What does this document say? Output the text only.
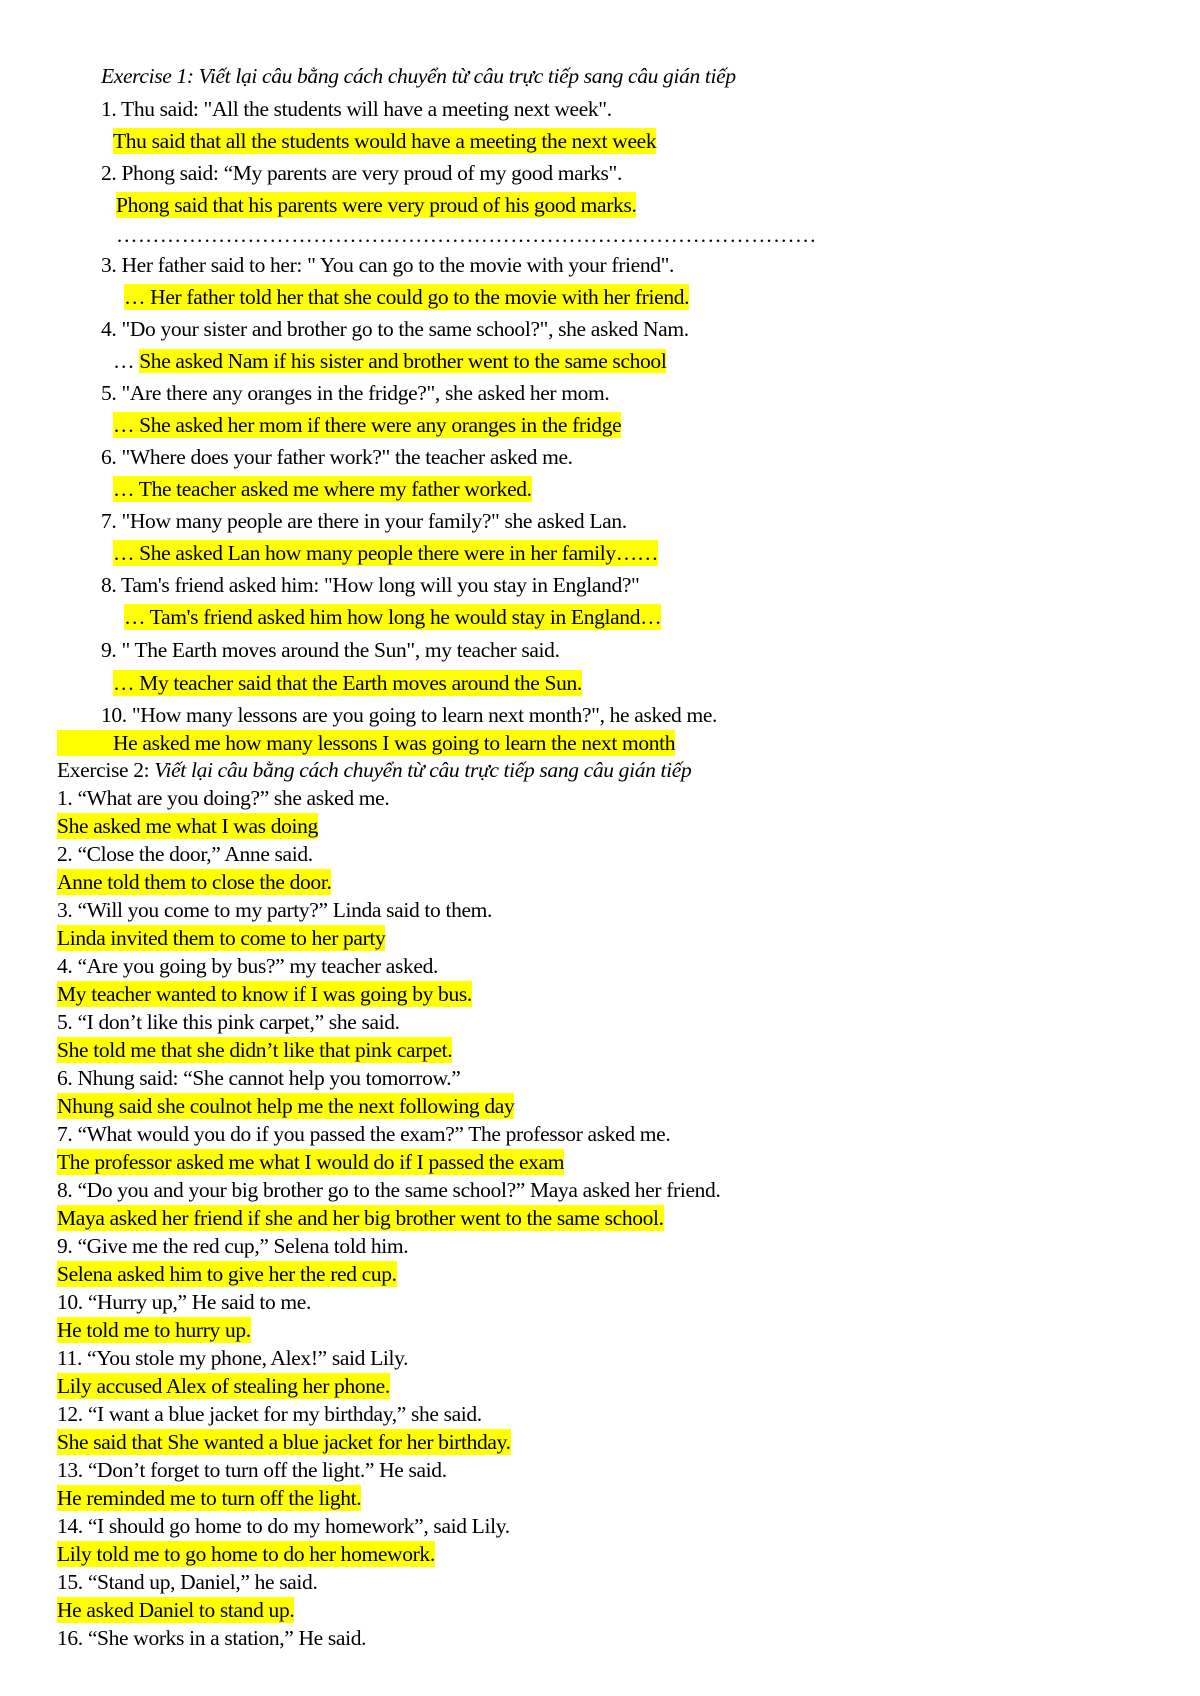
Exercise 1: Viết lại câu bằng cách chuyển từ câu trực tiếp sang câu gián tiếp
1. Thu said: "All the students will have a meeting next week".
Thu said that all the students would have a meeting the next week
2. Phong said: “My parents are very proud of my good marks".
Phong said that his parents were very proud of his good marks.
……………………………………………………………………………………
3. Her father said to her: " You can go to the movie with your friend".
… Her father told her that she could go to the movie with her friend.
4. "Do your sister and brother go to the same school?", she asked Nam.
… She asked Nam if his sister and brother went to the same school
5. "Are there any oranges in the fridge?", she asked her mom.
… She asked her mom if there were any oranges in the fridge
6. "Where does your father work?" the teacher asked me.
… The teacher asked me where my father worked.
7. "How many people are there in your family?" she asked Lan.
… She asked Lan how many people there were in her family……
8. Tam's friend asked him: "How long will you stay in England?"
… Tam's friend asked him how long he would stay in England…
9. " The Earth moves around the Sun", my teacher said.
… My teacher said that the Earth moves around the Sun.
10. "How many lessons are you going to learn next month?", he asked me.
He asked me how many lessons I was going to learn the next month
Exercise 2: Viết lại câu bằng cách chuyển từ câu trực tiếp sang câu gián tiếp
1. “What are you doing?” she asked me.
She asked me what I was doing
2. “Close the door,” Anne said.
Anne told them to close the door.
3. “Will you come to my party?” Linda said to them.
Linda invited them to come to her party
4. “Are you going by bus?” my teacher asked.
My teacher wanted to know if I was going by bus.
5. “I don’t like this pink carpet,” she said.
She told me that she didn’t like that pink carpet.
6. Nhung said: “She cannot help you tomorrow.”
Nhung said she coulnot help me the next following day
7. “What would you do if you passed the exam?” The professor asked me.
The professor asked me what I would do if I passed the exam
8. “Do you and your big brother go to the same school?” Maya asked her friend.
Maya asked her friend if she and her big brother went to the same school.
9. “Give me the red cup,” Selena told him.
Selena asked him to give her the red cup.
10. “Hurry up,” He said to me.
He told me to hurry up.
11. “You stole my phone, Alex!” said Lily.
Lily accused Alex of stealing her phone.
12. “I want a blue jacket for my birthday,” she said.
She said that She wanted a blue jacket for her birthday.
13. “Don’t forget to turn off the light.” He said.
He reminded me to turn off the light.
14. “I should go home to do my homework”, said Lily.
Lily told me to go home to do her homework.
15. “Stand up, Daniel,” he said.
He asked Daniel to stand up.
16. “She works in a station,” He said.
